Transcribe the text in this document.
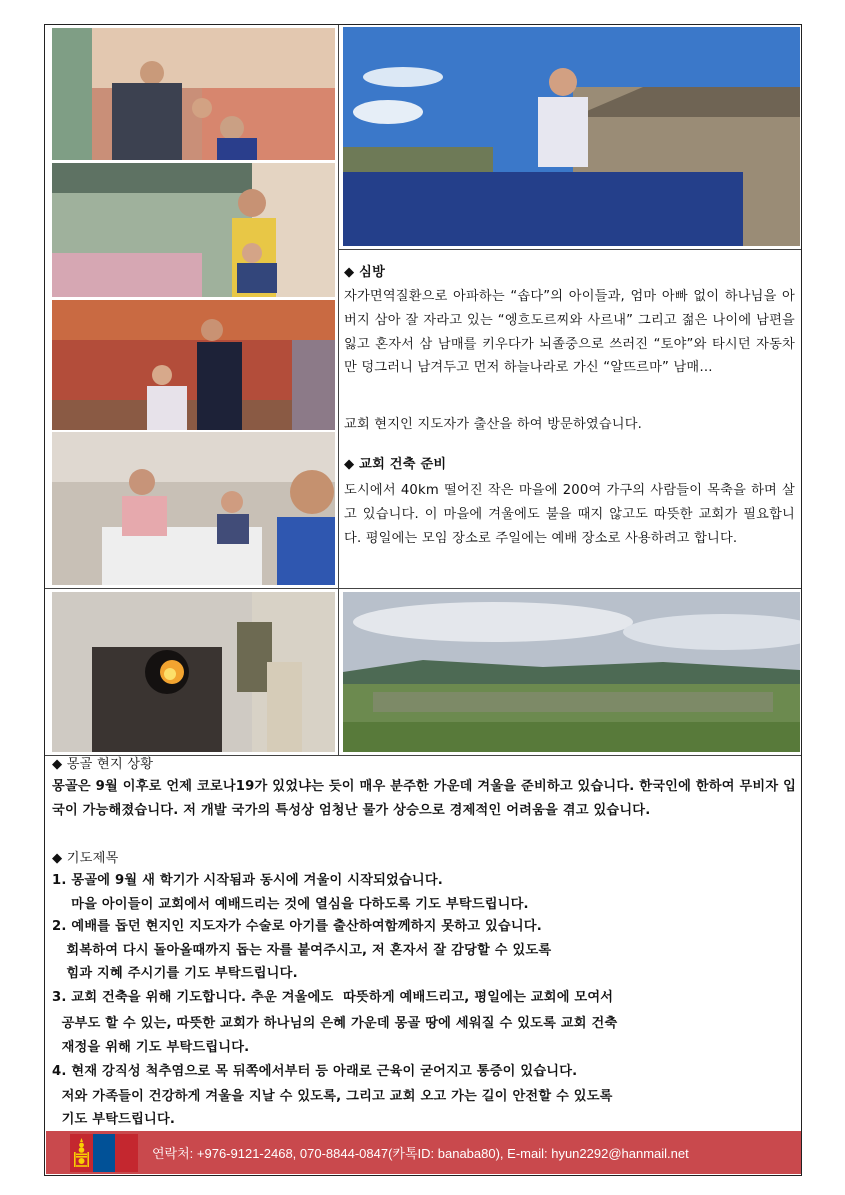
◆ 심방
자가면역질환으로 아파하는 “솝다”의 아이들과, 엄마 아빠 없이 하나님을 아버지 삼아 잘 자라고 있는 “엥흐도르찌와 사르내” 그리고 젊은 나이에 남편을 잃고 혼자서 삼 남매를 키우다가 뇌졸중으로 쓰러진 “토야”와 타시던 자동차만 덩그러니 남겨두고 먼저 하늘나라로 가신 “알뜨르마” 남매…
교회 현지인 지도자가 출산을 하여 방문하였습니다.
◆ 교회 건축 준비
도시에서 40km 떨어진 작은 마을에 200여 가구의 사람들이 목축을 하며 살고 있습니다. 이 마을에 겨울에도 불을 때지 않고도 따뜻한 교회가 필요합니다. 평일에는 모임 장소로 주일에는 예배 장소로 사용하려고 합니다.
◆ 몽골 현지 상황
몽골은 9월 이후로 언제 코로나19가 있었냐는 듯이 매우 분주한 가운데 겨울을 준비하고 있습니다. 한국인에 한하여 무비자 입국이 가능해졌습니다. 저 개발 국가의 특성상 엄청난 물가 상승으로 경제적인 어려움을 겪고 있습니다.
◆ 기도제목
1. 몽골에 9월 새 학기가 시작됨과 동시에 겨울이 시작되었습니다.
마을 아이들이 교회에서 예배드리는 것에 열심을 다하도록 기도 부탁드립니다.
2. 예배를 돕던 현지인 지도자가 수술로 아기를 출산하여함께하지 못하고 있습니다.
회복하여 다시 돌아올때까지 돕는 자를 붙여주시고, 저 혼자서 잘 감당할 수 있도록
힘과 지혜 주시기를 기도 부탁드립니다.
3. 교회 건축을 위해 기도합니다. 추운 겨울에도  따뜻하게 예배드리고, 평일에는 교회에 모여서
공부도 할 수 있는, 따뜻한 교회가 하나님의 은혜 가운데 몽골 땅에 세워질 수 있도록 교회 건축
재정을 위해 기도 부탁드립니다.
4. 현재 강직성 척추염으로 목 뒤쪽에서부터 등 아래로 근육이 굳어지고 통증이 있습니다.
저와 가족들이 건강하게 겨울을 지날 수 있도록, 그리고 교회 오고 가는 길이 안전할 수 있도록
기도 부탁드립니다.
연락처: +976-9121-2468, 070-8844-0847(카톡ID: banaba80), E-mail: hyun2292@hanmail.net
